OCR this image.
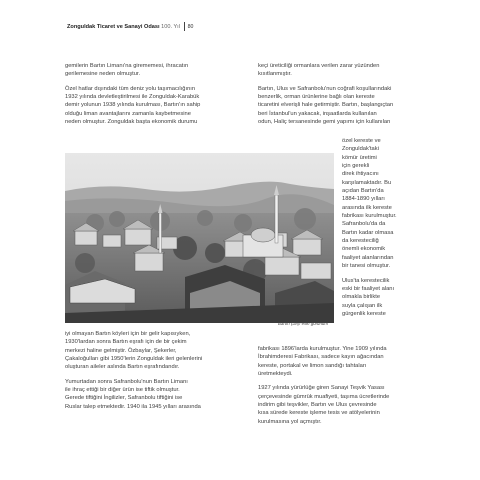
Zonguldak Ticaret ve Sanayi Odası 100. Yıl 80

gemilerin Bartın Limanı'na girememesi, ihracatın
gerilemesine neden olmuştur.

Özel hatlar dışındaki tüm deniz yolu taşımacılığının
1932 yılında devletleştirilmesi ile Zonguldak-Karabük
demir yolunun 1938 yılında kurulması, Bartın'ın sahip
olduğu liman avantajlarını zamanla kaybetmesine
neden olmuştur. Zonguldak başta ekonomik durumu

keçi üreticiliği ormanlara verilen zarar yüzünden
kısıtlanmıştır.

Bartın, Ulus ve Safranbolu'nun coğrafi koşullarındaki
benzerlik, orman ürünlerine bağlı olan kereste
ticaretini elverişli hale getirmiştir. Bartın, başlangıçtan
beri İstanbul'un yakacak, inşaatlarda kullanılan
odun, Haliç tersanesinde gemi yapımı için kullanılan

özel kereste ve
Zonguldak'taki
kömür üretimi
için gerekli
direk ihtiyacını
karşılamaktadır. Bu
açıdan Bartın'da
1884-1890 yılları
arasında ilk kereste
fabrikası kurulmuştur.
Safranbolu'da da
Bartın kadar olmasa
da keresteciliğ
önemli ekonomik
faaliyet alanlarından
bir tanesi olmuştur.

Ulus'ta kerestecilik
eski bir faaliyet alanı
olmakla birlikte
suyla çalışan ilk
gürgenlik kereste

Bartın çarşı eski görünüm

iyi olmayan Bartın köyleri için bir gelir kapısıyken,
1930'lardan sonra Bartın eşrafı için de bir çekim
merkezi haline gelmiştir. Özbaylar, Şekerler,
Çakaloğulları gibi 1950'lerin Zonguldak ileri gelenlerini
oluşturan aileler aslında Bartın eşrafındandır.

Yumurtadan sonra Safranbolu'nun Bartın Limanı
ile ihraç ettiği bir diğer ürün ise tiftik olmuştur.
Gerede tiftiğini İngilizler, Safranbolu tiftiğini ise
Ruslar talep etmektedir. 1940 ila 1945 yılları arasında

fabrikası 1896'larda kurulmuştur. Yine 1909 yılında
İbrahimderesi Fabrikası, sadece kayın ağacından
kereste, portakal ve limon sandığı tahtaları
üretmekteydi.

1927 yılında yürürlüğe giren Sanayi Teşvik Yasası
çerçevesinde gümrük muafiyeti, taşıma ücretlerinde
indirim gibi teşvikler, Bartın ve Ulus çevresinde
kısa sürede kereste işleme tesis ve atölyelerinin
kurulmasına yol açmıştır.
